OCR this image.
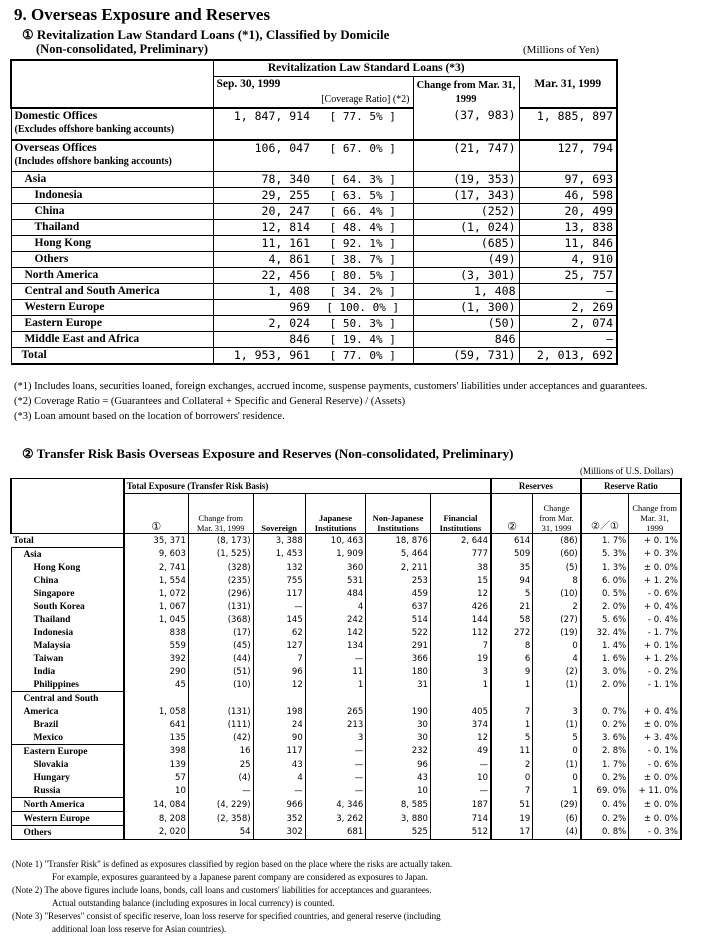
9. Overseas Exposure and Reserves
① Revitalization Law Standard Loans (*1), Classified by Domicile
(Non-consolidated, Preliminary)	(Millions of Yen)
	Revitalization Law Standard Loans (*3)			
	Sep. 30, 1999		Change from Mar. 31, 1999	Mar. 31, 1999
		[Coverage Ratio] (*2)		

Domestic Offices
(Excludes offshore banking accounts)	1, 847, 914	[ 77. 5% ]	(37, 983)	1, 885, 897

Overseas Offices
(Includes offshore banking accounts)	106, 047	[ 67. 0% ]	(21, 747)	127, 794
Asia	78, 340	[ 64. 3% ]	(19, 353)	97, 693
Indonesia	29, 255	[ 63. 5% ]	(17, 343)	46, 598
China	20, 247	[ 66. 4% ]	(252)	20, 499
Thailand	12, 814	[ 48. 4% ]	(1, 024)	13, 838
Hong Kong	11, 161	[ 92. 1% ]	(685)	11, 846
Others	4, 861	[ 38. 7% ]	(49)	4, 910
North America	22, 456	[ 80. 5% ]	(3, 301)	25, 757
Central and South America	1, 408	[ 34. 2% ]	1, 408	—
Western Europe	969	[ 100. 0% ]	(1, 300)	2, 269
Eastern Europe	2, 024	[ 50. 3% ]	(50)	2, 074
Middle East and Africa	846	[ 19. 4% ]	846	—
Total	1, 953, 961	[ 77. 0% ]	(59, 731)	2, 013, 692
(*1) Includes loans, securities loaned, foreign exchanges, accrued income, suspense payments, customers' liabilities under acceptances and guarantees.
(*2) Coverage Ratio = (Guarantees and Collateral + Specific and General Reserve) / (Assets)
(*3) Loan amount based on the location of borrowers' residence.
② Transfer Risk Basis Overseas Exposure and Reserves (Non-consolidated, Preliminary)
(Millions of U.S. Dollars)
	Total Exposure (Transfer Risk Basis)						Reserves		Reserve Ratio	
	①	Change from Mar. 31, 1999	Sovereign	Japanese Institutions	Non-Japanese Institutions	Financial Institutions	②	Change from Mar. 31, 1999	②／①	Change from Mar. 31, 1999
Total	35, 371	(8, 173)	3, 388	10, 463	18, 876	2, 644	614	(86)	1. 7%	+ 0. 1%
Asia	9, 603	(1, 525)	1, 453	1, 909	5, 464	777	509	(60)	5. 3%	+ 0. 3%
Hong Kong	2, 741	(328)	132	360	2, 211	38	35	(5)	1. 3%	± 0. 0%
China	1, 554	(235)	755	531	253	15	94	8	6. 0%	+ 1. 2%
Singapore	1, 072	(296)	117	484	459	12	5	(10)	0. 5%	- 0. 6%
South Korea	1, 067	(131)	—	4	637	426	21	2	2. 0%	+ 0. 4%
Thailand	1, 045	(368)	145	242	514	144	58	(27)	5. 6%	- 0. 4%
Indonesia	838	(17)	62	142	522	112	272	(19)	32. 4%	- 1. 7%
Malaysia	559	(45)	127	134	291	7	8	0	1. 4%	+ 0. 1%
Taiwan	392	(44)	7	—	366	19	6	4	1. 6%	+ 1. 2%
India	290	(51)	96	11	180	3	9	(2)	3. 0%	- 0. 2%
Philippines	45	(10)	12	1	31	1	1	(1)	2. 0%	- 1. 1%
Central and South										
America	1, 058	(131)	198	265	190	405	7	3	0. 7%	+ 0. 4%
Brazil	641	(111)	24	213	30	374	1	(1)	0. 2%	± 0. 0%
Mexico	135	(42)	90	3	30	12	5	5	3. 6%	+ 3. 4%
Eastern Europe	398	16	117	—	232	49	11	0	2. 8%	- 0. 1%
Slovakia	139	25	43	—	96	—	2	(1)	1. 7%	- 0. 6%
Hungary	57	(4)	4	—	43	10	0	0	0. 2%	± 0. 0%
Russia	10	—	—	—	10	—	7	1	69. 0%	+ 11. 0%
North America	14, 084	(4, 229)	966	4, 346	8, 585	187	51	(29)	0. 4%	± 0. 0%
Western Europe	8, 208	(2, 358)	352	3, 262	3, 880	714	19	(6)	0. 2%	± 0. 0%
Others	2, 020	54	302	681	525	512	17	(4)	0. 8%	- 0. 3%
(Note 1) "Transfer Risk" is defined as exposures classified by region based on the place where the risks are actually taken.
For example, exposures guaranteed by a Japanese parent company are considered as exposures to Japan.
(Note 2) The above figures include loans, bonds, call loans and customers' liabilities for acceptances and guarantees.
Actual outstanding balance (including exposures in local currency) is counted.
(Note 3) "Reserves" consist of specific reserve, loan loss reserve for specified countries, and general reserve (including
additional loan loss reserve for Asian countries).
